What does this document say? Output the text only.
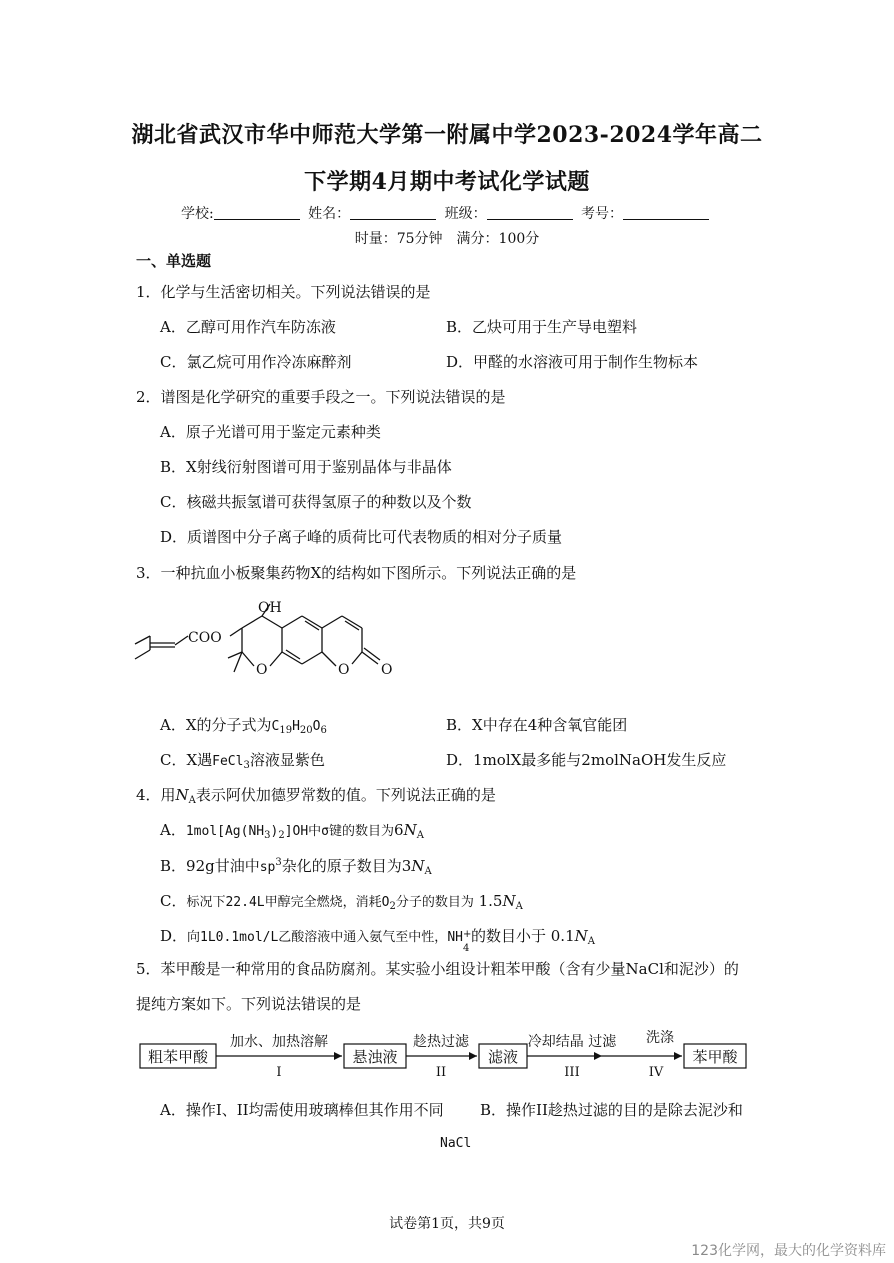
湖北省武汉市华中师范大学第一附属中学2023-2024学年高二
下学期4月期中考试化学试题
学校:	姓名：	班级：	考号：
时量：75分钟　满分：100分
一、单选题
1．化学与生活密切相关。下列说法错误的是
A．乙醇可用作汽车防冻液	B．乙炔可用于生产导电塑料
C．氯乙烷可用作冷冻麻醉剂	D．甲醛的水溶液可用于制作生物标本
2．谱图是化学研究的重要手段之一。下列说法错误的是
A．原子光谱可用于鉴定元素种类
B．X射线衍射图谱可用于鉴别晶体与非晶体
C．核磁共振氢谱可获得氢原子的种数以及个数
D．质谱图中分子离子峰的质荷比可代表物质的相对分子质量
3．一种抗血小板聚集药物X的结构如下图所示。下列说法正确的是
OH
COO
O	O O
A．X的分子式为$C_{19}H_{20}O_6$	B．X中存在4种含氧官能团
C．X遇FeCl$_3$溶液显紫色	D．1molX最多能与2molNaOH发生反应
4．用$N_A$表示阿伏加德罗常数的值。下列说法正确的是
A．$1mol[Ag(NH_3)_2]OH$中σ键的数目为$6N_A$
B．92g甘油中$sp^3$杂化的原子数目为$3N_A$
C．标况下22.4L甲醇完全燃烧，消耗$O_2$分子的数目为 $1.5N_A$
D．向1L0.1mol/L乙酸溶液中通入氨气至中性，NH +
4
的数目小于 $0.1N_A$
5．苯甲酸是一种常用的食品防腐剂。某实验小组设计粗苯甲酸（含有少量NaCl和泥沙）的
提纯方案如下。下列说法错误的是
粗苯甲酸	悬浊液	滤液	苯甲酸
加水、加热溶解
I
趁热过滤
II
冷却结晶 过滤
III
洗涤
IV
A．操作I、II均需使用玻璃棒但其作用不同 B．操作II趁热过滤的目的是除去泥沙和
NaCl
试卷第1页，共9页
123化学网，最大的化学资料库
